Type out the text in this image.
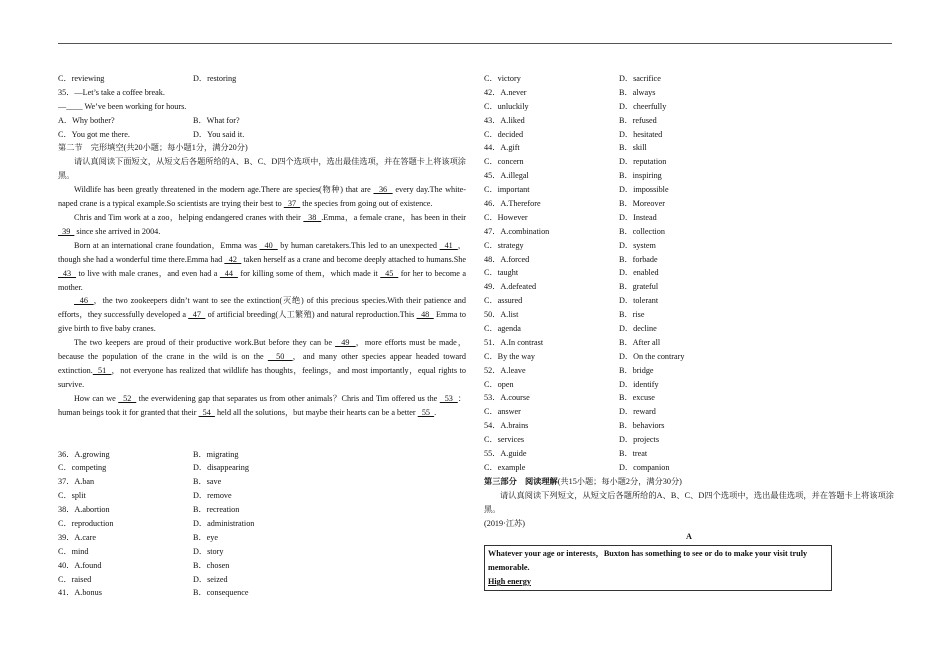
C．reviewing	D．restoring
35．—Let’s take a coffee break.
—____ We’ve been working for hours.
A．Why bother?	B．What for?
C．You got me there.	D．You said it.
第二节　完形填空(共20小题；每小题1分，满分20分)
请认真阅读下面短文，从短文后各题所给的A、B、C、D四个选项中，选出最佳选项，并在答题卡上将该项涂黑。
Wildlife has been greatly threatened in the modern age.There are species(物种) that are   36   every day.The white-naped crane is a typical example.So scientists are trying their best to   37   the species from going out of existence.
Chris and Tim work at a zoo，helping endangered cranes with their   38  .Emma，a female crane，has been in their   39   since she arrived in 2004.
Born at an international crane foundation，Emma was   40   by human caretakers.This led to an unexpected   41  ，though she had a wonderful time there.Emma had   42   taken herself as a crane and become deeply attached to humans.She   43   to live with male cranes，and even had a   44   for killing some of them，which made it   45   for her to become a mother.
46  ，the two zookeepers didn’t want to see the extinction(灭绝) of this precious species.With their patience and efforts，they successfully developed a   47   of artificial breeding(人工繁殖) and natural reproduction.This   48   Emma to give birth to five baby cranes.
The two keepers are proud of their productive work.But before they can be   49  ，more efforts must be made，because the population of the crane in the wild is on the   50  ，and many other species appear headed toward extinction.  51  ，not everyone has realized that wildlife has thoughts，feelings，and most importantly，equal rights to survive.
How can we   52   the everwidening gap that separates us from other animals？Chris and Tim offered us the   53  ：human beings took it for granted that their   54   held all the solutions，but maybe their hearts can be a better   55  .
36．A.growing	B．migrating
C．competing	D．disappearing
37．A.ban	B．save
C．split	D．remove
38．A.abortion	B．recreation
C．reproduction	D．administration
39．A.care	B．eye
C．mind	D．story
40．A.found	B．chosen
C．raised	D．seized
41．A.bonus	B．consequence
C．victory	D．sacrifice
42．A.never	B．always
C．unluckily	D．cheerfully
43．A.liked	B．refused
C．decided	D．hesitated
44．A.gift	B．skill
C．concern	D．reputation
45．A.illegal	B．inspiring
C．important	D．impossible
46．A.Therefore	B．Moreover
C．However	D．Instead
47．A.combination	B．collection
C．strategy	D．system
48．A.forced	B．forbade
C．taught	D．enabled
49．A.defeated	B．grateful
C．assured	D．tolerant
50．A.list	B．rise
C．agenda	D．decline
51．A.In contrast	B．After all
C．By the way	D．On the contrary
52．A.leave	B．bridge
C．open	D．identify
53．A.course	B．excuse
C．answer	D．reward
54．A.brains	B．behaviors
C．services	D．projects
55．A.guide	B．treat
C．example	D．companion
第三部分　阅读理解(共15小题；每小题2分，满分30分)
请认真阅读下列短文，从短文后各题所给的A、B、C、D四个选项中，选出最佳选项，并在答题卡上将该项涂黑。
(2019·江苏)
A
Whatever your age or interests，Buxton has something to see or do to make your visit truly memorable.
High energy
